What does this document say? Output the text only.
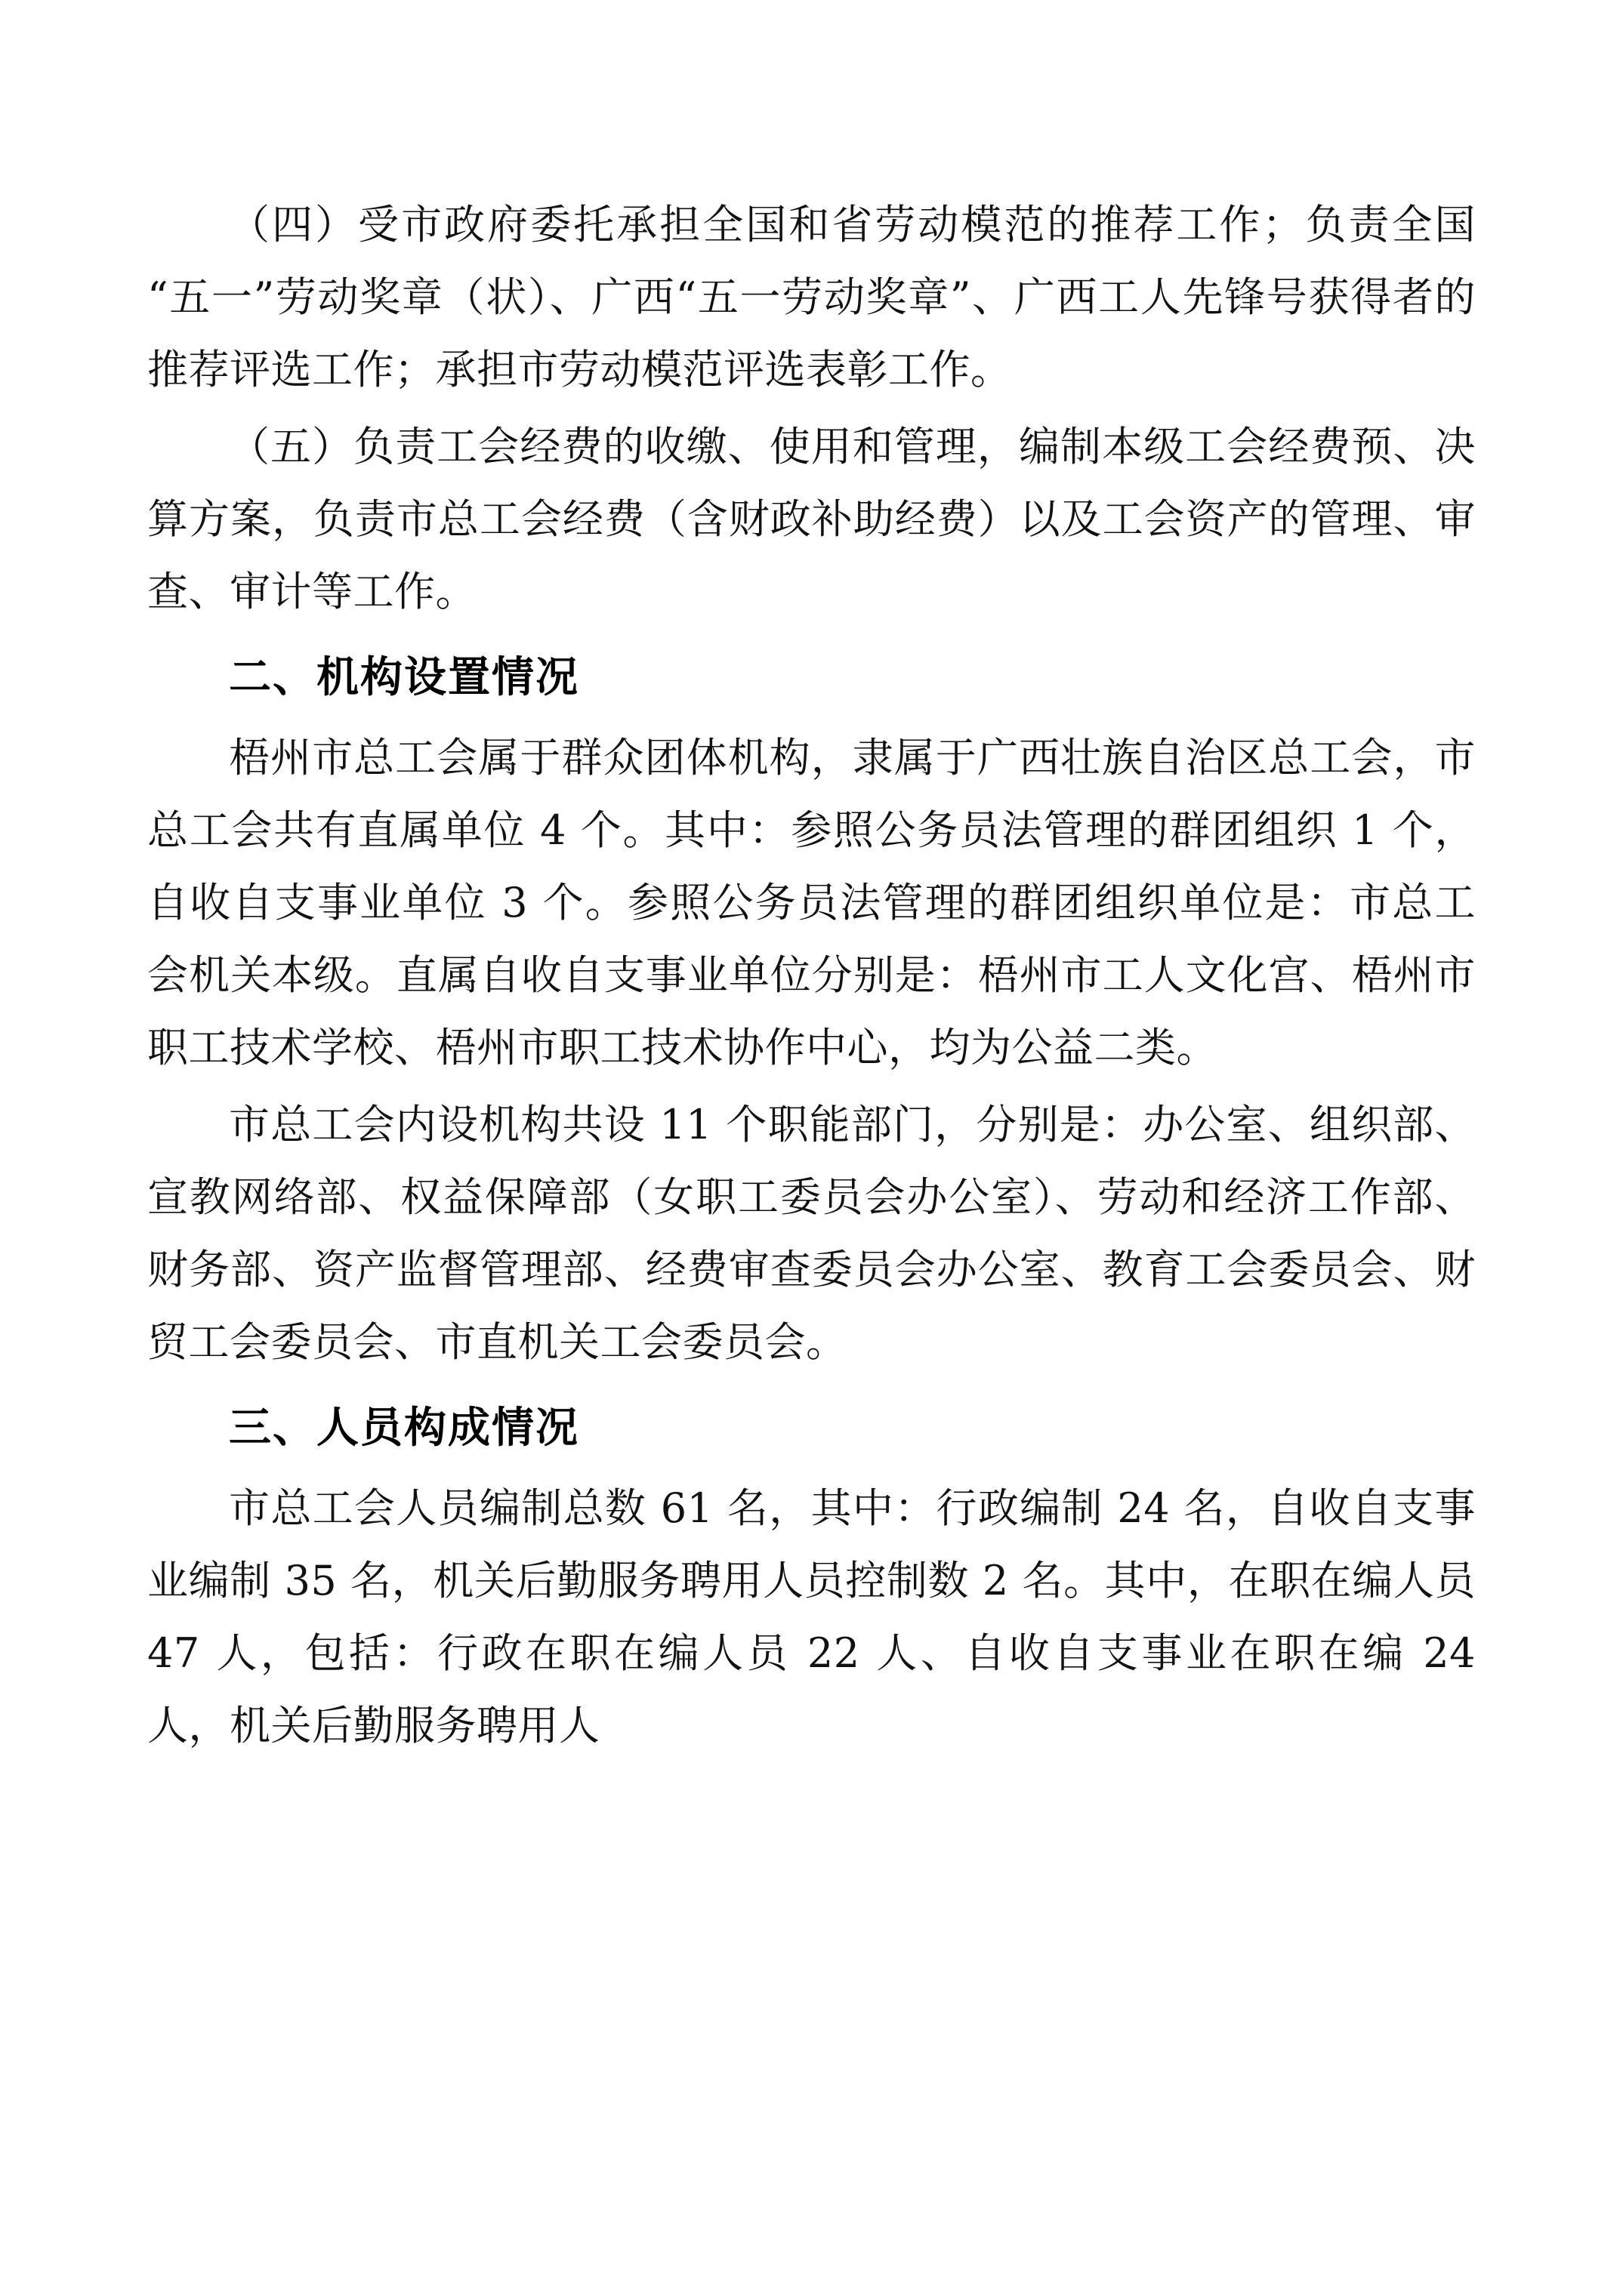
（四）受市政府委托承担全国和省劳动模范的推荐工作；负责全国“五一”劳动奖章（状）、广西“五一劳动奖章”、广西工人先锋号获得者的推荐评选工作；承担市劳动模范评选表彰工作。

（五）负责工会经费的收缴、使用和管理，编制本级工会经费预、决算方案，负责市总工会经费（含财政补助经费）以及工会资产的管理、审查、审计等工作。

二、机构设置情况

梧州市总工会属于群众团体机构，隶属于广西壮族自治区总工会，市总工会共有直属单位 4 个。其中：参照公务员法管理的群团组织 1 个，自收自支事业单位 3 个。参照公务员法管理的群团组织单位是：市总工会机关本级。直属自收自支事业单位分别是：梧州市工人文化宫、梧州市职工技术学校、梧州市职工技术协作中心，均为公益二类。

市总工会内设机构共设 11 个职能部门，分别是：办公室、组织部、宣教网络部、权益保障部（女职工委员会办公室）、劳动和经济工作部、财务部、资产监督管理部、经费审查委员会办公室、教育工会委员会、财贸工会委员会、市直机关工会委员会。

三、人员构成情况

市总工会人员编制总数 61 名，其中：行政编制 24 名，自收自支事业编制 35 名，机关后勤服务聘用人员控制数 2 名。其中，在职在编人员 47 人，包括：行政在职在编人员 22 人、自收自支事业在职在编 24 人，机关后勤服务聘用人
